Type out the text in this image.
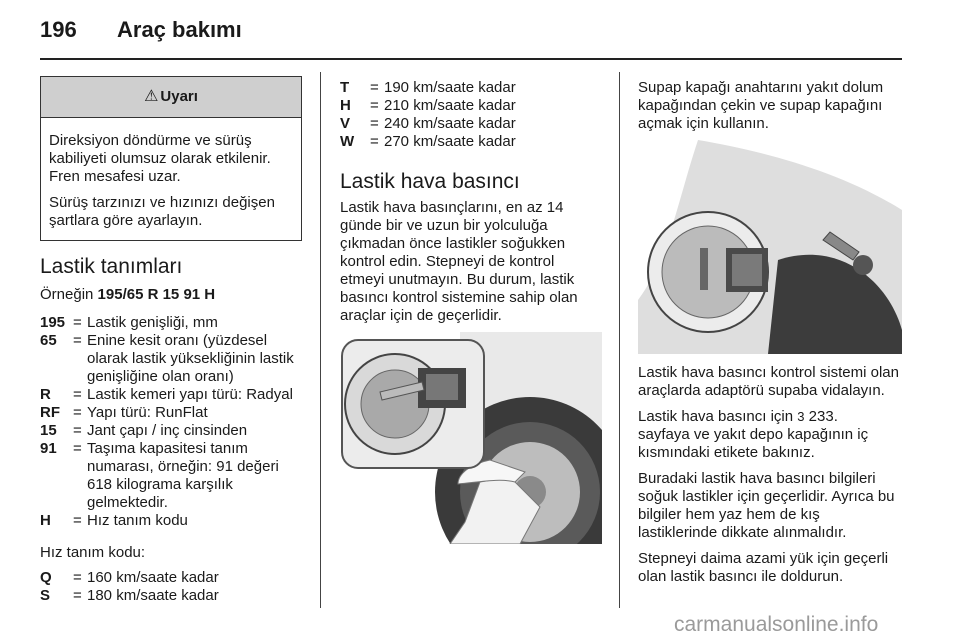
196 Araç bakımı
⚠ Uyarı

Direksiyon döndürme ve sürüş kabiliyeti olumsuz olarak etkilenir. Fren mesafesi uzar.

Sürüş tarzınızı ve hızınızı değişen şartlara göre ayarlayın.

Lastik tanımları
Örneğin 195/65 R 15 91 H
195 = Lastik genişliği, mm
65	= Enine kesit oranı (yüzdesel olarak lastik yüksekliğinin lastik genişliğine olan oranı)
R	= Lastik kemeri yapı türü: Radyal
RF = Yapı türü: RunFlat
15	= Jant çapı / inç cinsinden
91	= Taşıma kapasitesi tanım numarası, örneğin: 91 değeri 618 kilograma karşılık gelmektedir.
H	= Hız tanım kodu
Hız tanım kodu:
Q	= 160 km/saate kadar
S	= 180 km/saate kadar
T	= 190 km/saate kadar
H	= 210 km/saate kadar
V	= 240 km/saate kadar
W	= 270 km/saate kadar
Lastik hava basıncı
Lastik hava basınçlarını, en az 14 günde bir ve uzun bir yolculuğa çıkmadan önce lastikler soğukken kontrol edin. Stepneyi de kontrol etmeyi unutmayın. Bu durum, lastik basıncı kontrol sistemine sahip olan araçlar için de geçerlidir.

Supap kapağı anahtarını yakıt dolum kapağından çekin ve supap kapağını açmak için kullanın.

Lastik hava basıncı kontrol sistemi olan araçlarda adaptörü supaba vidalayın.

Lastik hava basıncı için 3 233.
sayfaya ve yakıt depo kapağının iç kısmındaki etikete bakınız.

Buradaki lastik hava basıncı bilgileri soğuk lastikler için geçerlidir. Ayrıca bu bilgiler hem yaz hem de kış lastiklerinde dikkate alınmalıdır.

Stepneyi daima azami yük için geçerli olan lastik basıncı ile doldurun.

carmanualsonline.info
